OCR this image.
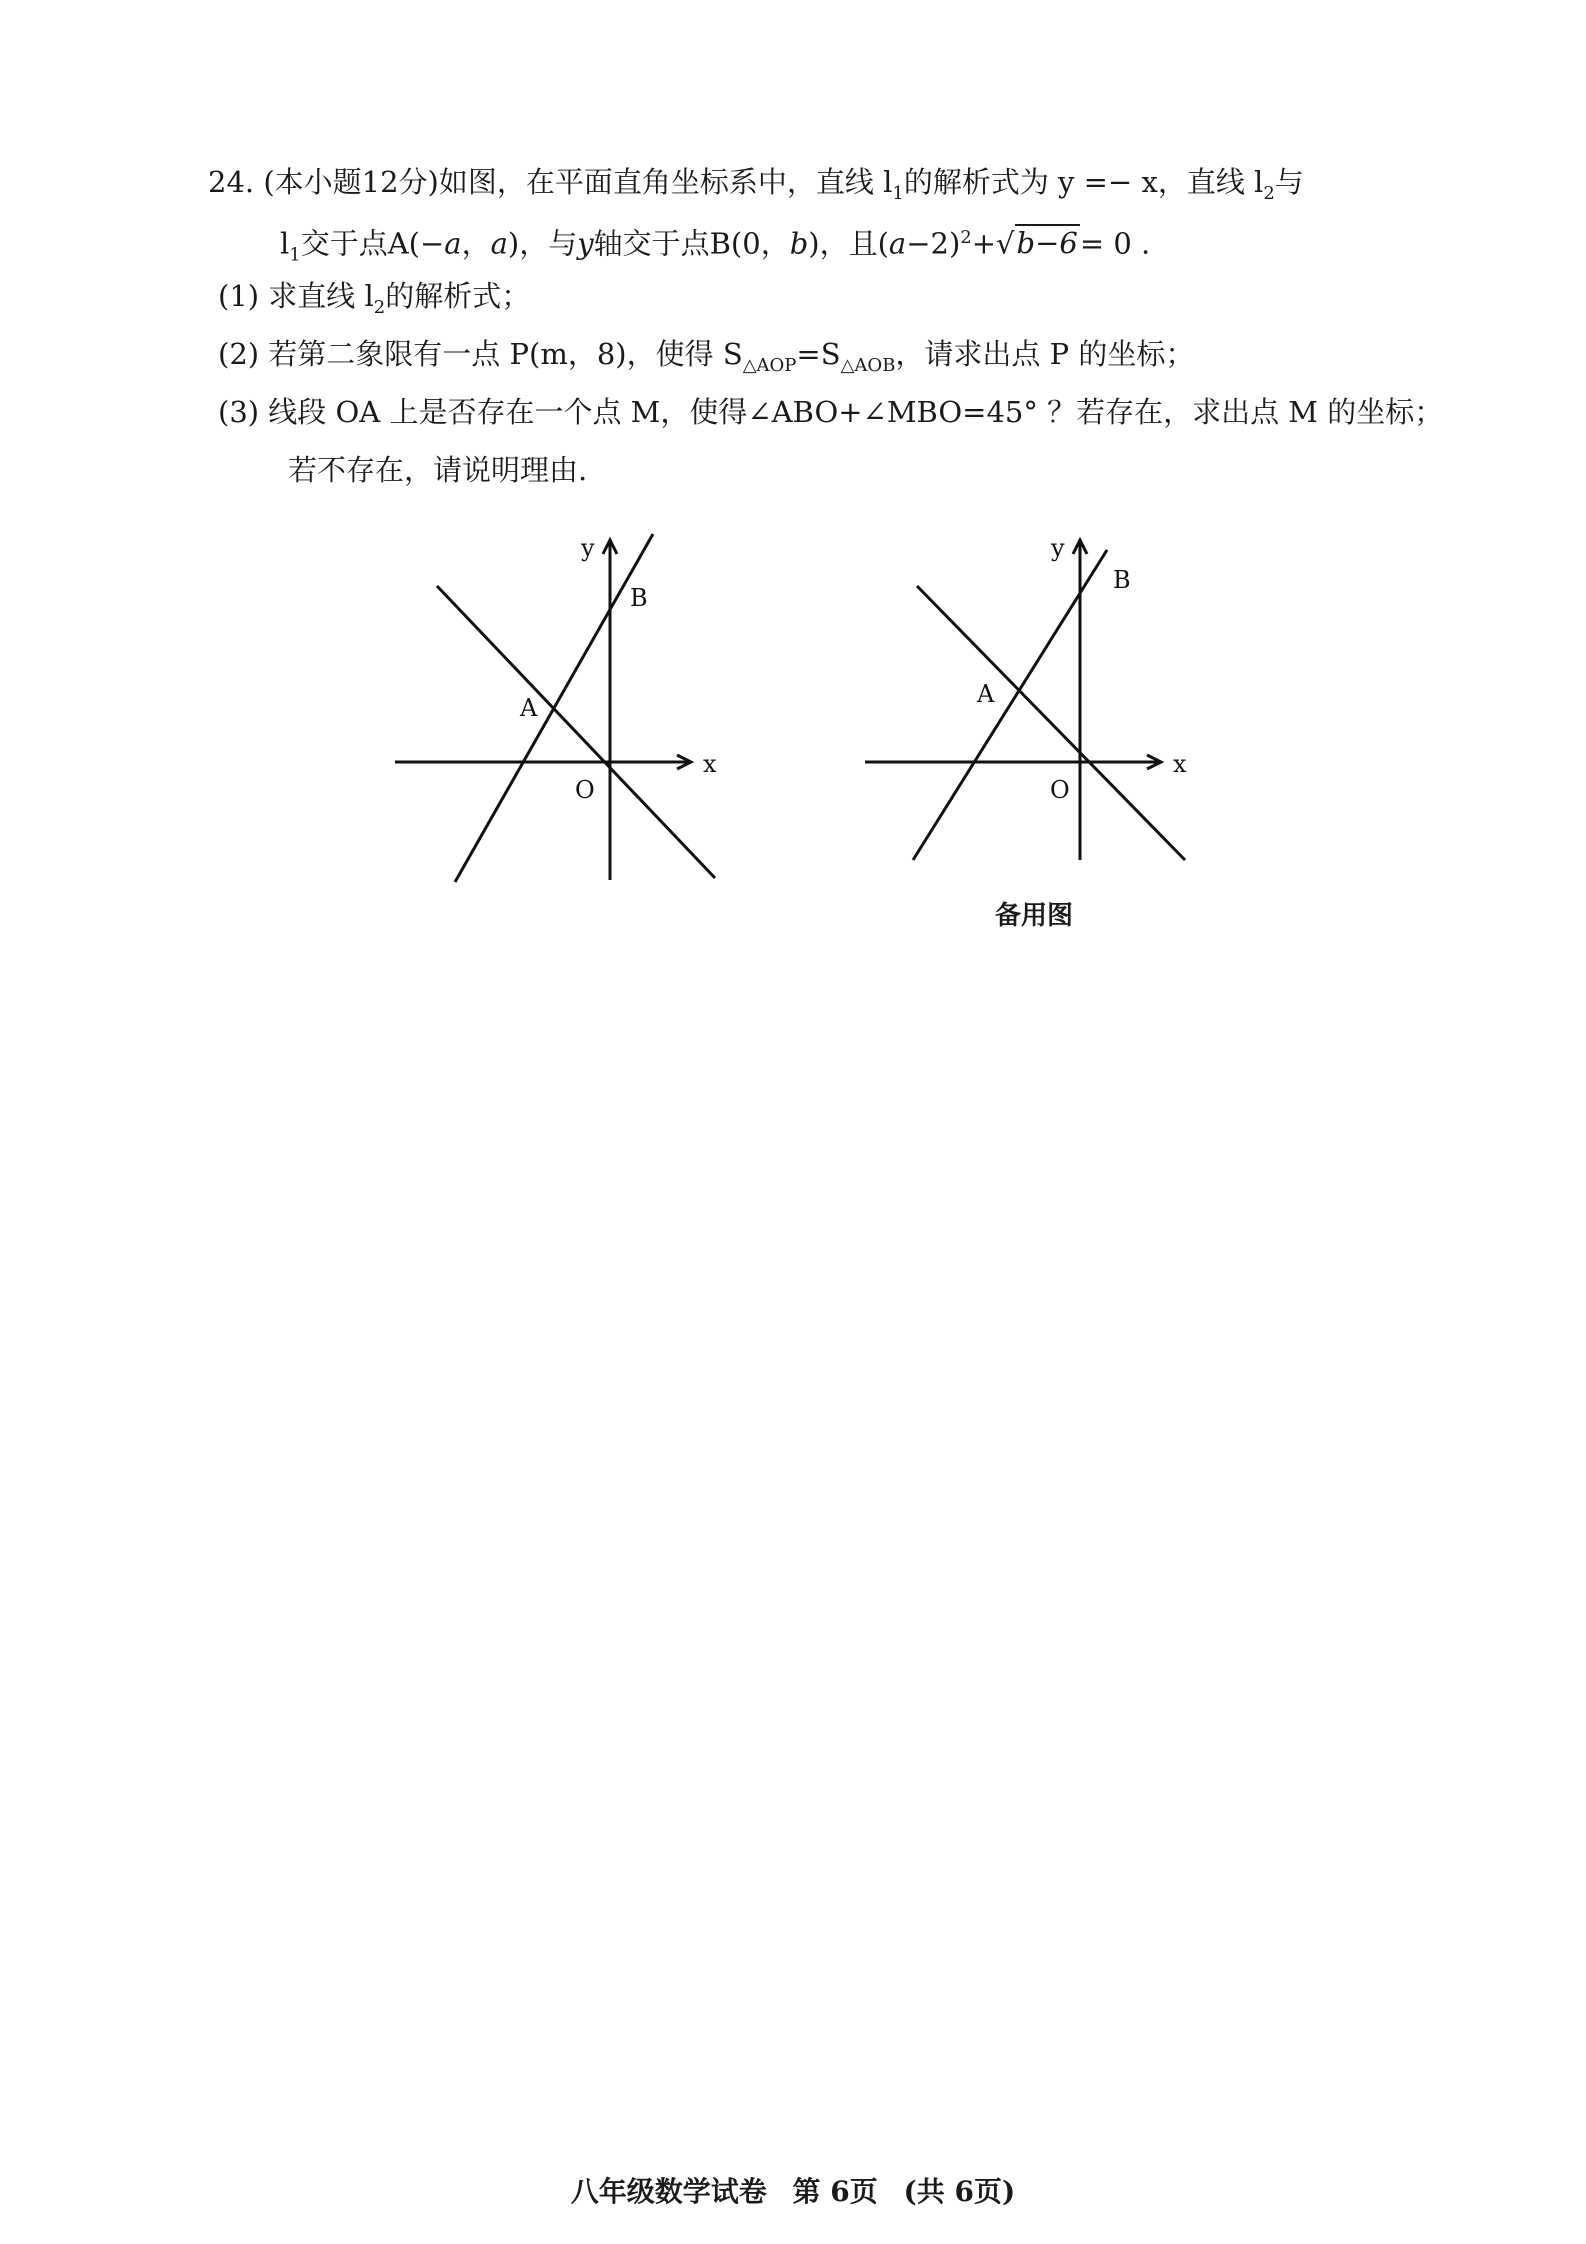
24. (本小题12分)如图，在平面直角坐标系中，直线 $l_1$的解析式为 y =− x，直线 $l_2$与
$l_1$交于点A(−a，a)，与y轴交于点B(0，b)，且$(a-2)^2+√b-6= 0$ .
(1) 求直线 $l_2$的解析式；
(2) 若第二象限有一点 P(m，8)，使得 $S_{\triangle AOP}=S_{\triangle AOB}$，请求出点 P 的坐标；
(3) 线段 OA 上是否存在一个点 M，使得∠ABO+∠MBO=45° ？若存在，求出点 M 的坐标；
若不存在，请说明理由.
y
x
O
A
B
y
x
O
A
B
备用图
八年级数学试卷 第 6页 (共 6页)
